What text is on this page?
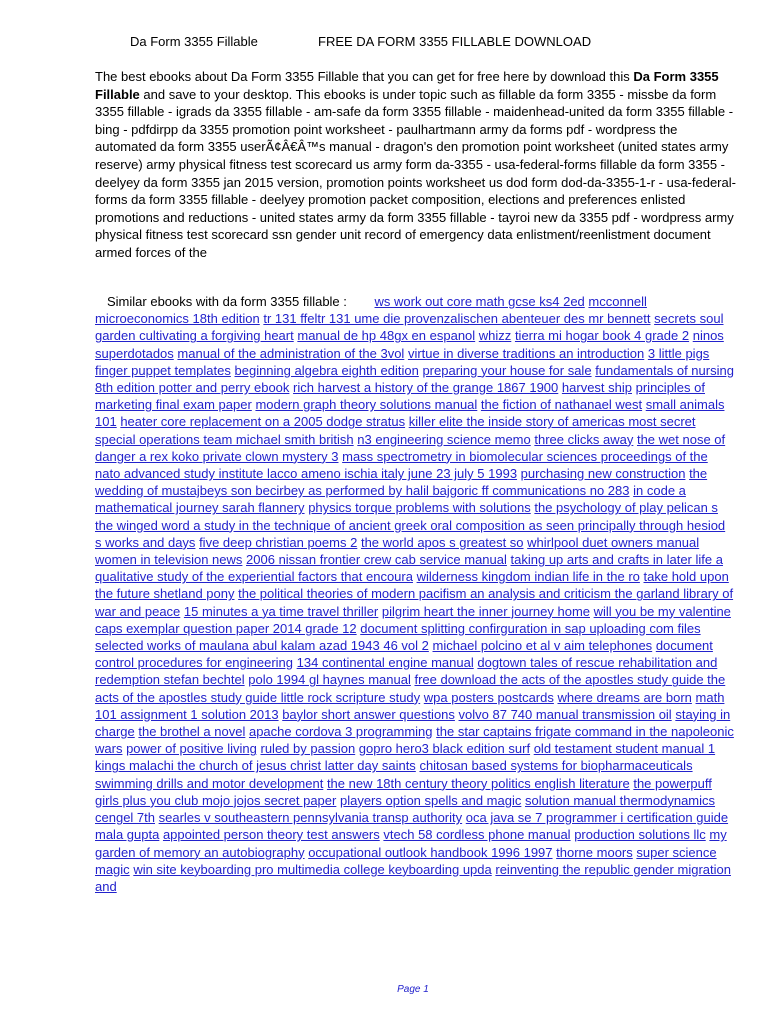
Da Form 3355 Fillable	FREE DA FORM 3355 FILLABLE DOWNLOAD
The best ebooks about Da Form 3355 Fillable that you can get for free here by download this Da Form 3355 Fillable and save to your desktop. This ebooks is under topic such as fillable da form 3355 - missbe da form 3355 fillable - igrads da 3355 fillable - am-safe da form 3355 fillable - maidenhead-united da form 3355 fillable - bing - pdfdirpp da 3355 promotion point worksheet - paulhartmann army da forms pdf - wordpress the automated da form 3355 userÃ¢Â€Â™s manual - dragon's den promotion point worksheet (united states army reserve) army physical fitness test scorecard us army form da-3355 - usa-federal-forms fillable da form 3355 - deelyey da form 3355 jan 2015 version, promotion points worksheet us dod form dod-da-3355-1-r - usa-federal-forms da form 3355 fillable - deelyey promotion packet composition, elections and preferences enlisted promotions and reductions - united states army da form 3355 fillable - tayroi new da 3355 pdf - wordpress army physical fitness test scorecard ssn gender unit record of emergency data enlistment/reenlistment document armed forces of the
Similar ebooks with da form 3355 fillable : ws work out core math gcse ks4 2ed mcconnell microeconomics 18th edition tr 131 ffeltr 131 ume die provenzalischen abenteuer des mr bennett secrets soul garden cultivating a forgiving heart manual de hp 48gx en espanol whizz tierra mi hogar book 4 grade 2 ninos superdotados manual of the administration of the 3vol virtue in diverse traditions an introduction 3 little pigs finger puppet templates beginning algebra eighth edition preparing your house for sale fundamentals of nursing 8th edition potter and perry ebook rich harvest a history of the grange 1867 1900 harvest ship principles of marketing final exam paper modern graph theory solutions manual the fiction of nathanael west small animals 101 heater core replacement on a 2005 dodge stratus killer elite the inside story of americas most secret special operations team michael smith british n3 engineering science memo three clicks away the wet nose of danger a rex koko private clown mystery 3 mass spectrometry in biomolecular sciences proceedings of the nato advanced study institute lacco ameno ischia italy june 23 july 5 1993 purchasing new construction the wedding of mustajbeys son becirbey as performed by halil bajgoric ff communications no 283 in code a mathematical journey sarah flannery physics torque problems with solutions the psychology of play pelican s the winged word a study in the technique of ancient greek oral composition as seen principally through hesiod s works and days five deep christian poems 2 the world apos s greatest so whirlpool duet owners manual women in television news 2006 nissan frontier crew cab service manual taking up arts and crafts in later life a qualitative study of the experiential factors that encoura wilderness kingdom indian life in the ro take hold upon the future shetland pony the political theories of modern pacifism an analysis and criticism the garland library of war and peace 15 minutes a ya time travel thriller pilgrim heart the inner journey home will you be my valentine caps exemplar question paper 2014 grade 12 document splitting confirguration in sap uploading com files selected works of maulana abul kalam azad 1943 46 vol 2 michael polcino et al v aim telephones document control procedures for engineering 134 continental engine manual dogtown tales of rescue rehabilitation and redemption stefan bechtel polo 1994 gl haynes manual free download the acts of the apostles study guide the acts of the apostles study guide little rock scripture study wpa posters postcards where dreams are born math 101 assignment 1 solution 2013 baylor short answer questions volvo 87 740 manual transmission oil staying in charge the brothel a novel apache cordova 3 programming the star captains frigate command in the napoleonic wars power of positive living ruled by passion gopro hero3 black edition surf old testament student manual 1 kings malachi the church of jesus christ latter day saints chitosan based systems for biopharmaceuticals swimming drills and motor development the new 18th century theory politics english literature the powerpuff girls plus you club mojo jojos secret paper players option spells and magic solution manual thermodynamics cengel 7th searles v southeastern pennsylvania transp authority oca java se 7 programmer i certification guide mala gupta appointed person theory test answers vtech 58 cordless phone manual production solutions llc my garden of memory an autobiography occupational outlook handbook 1996 1997 thorne moors super science magic win site keyboarding pro multimedia college keyboarding upda reinventing the republic gender migration and
Page 1
